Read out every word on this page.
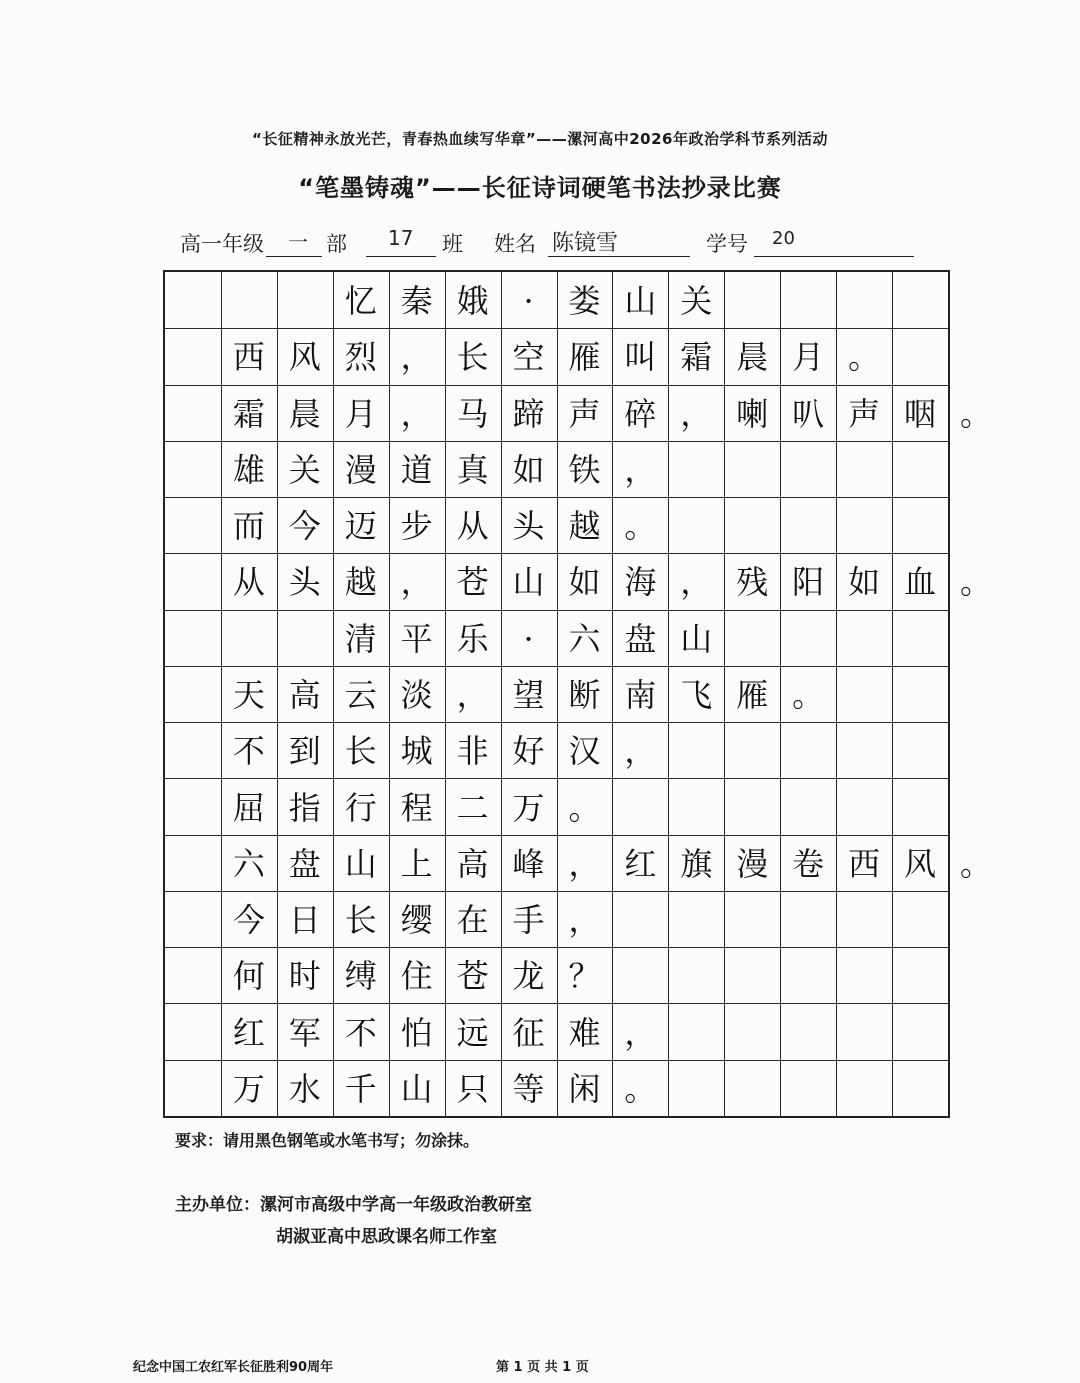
“长征精神永放光芒，青春热血续写华章”——漯河高中2026年政治学科节系列活动
“笔墨铸魂”——长征诗词硬笔书法抄录比赛
高一年级 一 部 17 班 姓名 陈镜雪	学号 20
忆 秦 娥	·	娄 山 关
西 风 烈 ， 长 空 雁 叫 霜 晨 月 。
霜 晨 月 ， 马 蹄 声 碎 ， 喇 叭 声 咽 。
雄 关 漫 道 真 如 铁 ，
而 今 迈 步 从 头 越 。
从 头 越 ， 苍 山 如 海 ， 残 阳 如 血 。
清 平 乐	·	六 盘 山
天 高 云 淡 ， 望 断 南 飞 雁 。
不 到 长 城 非 好 汉 ，
屈 指 行 程 二 万 。
六 盘 山 上 高 峰 ， 红 旗 漫 卷 西 风 。
今 日 长 缨 在 手 ，
何 时 缚 住 苍 龙 ？
红 军 不 怕 远 征 难 ，
万 水 千 山 只 等 闲 。
要求：请用黑色钢笔或水笔书写；勿涂抹。
主办单位：漯河市高级中学高一年级政治教研室
胡淑亚高中思政课名师工作室
纪念中国工农红军长征胜利90周年	第 1 页 共 1 页
